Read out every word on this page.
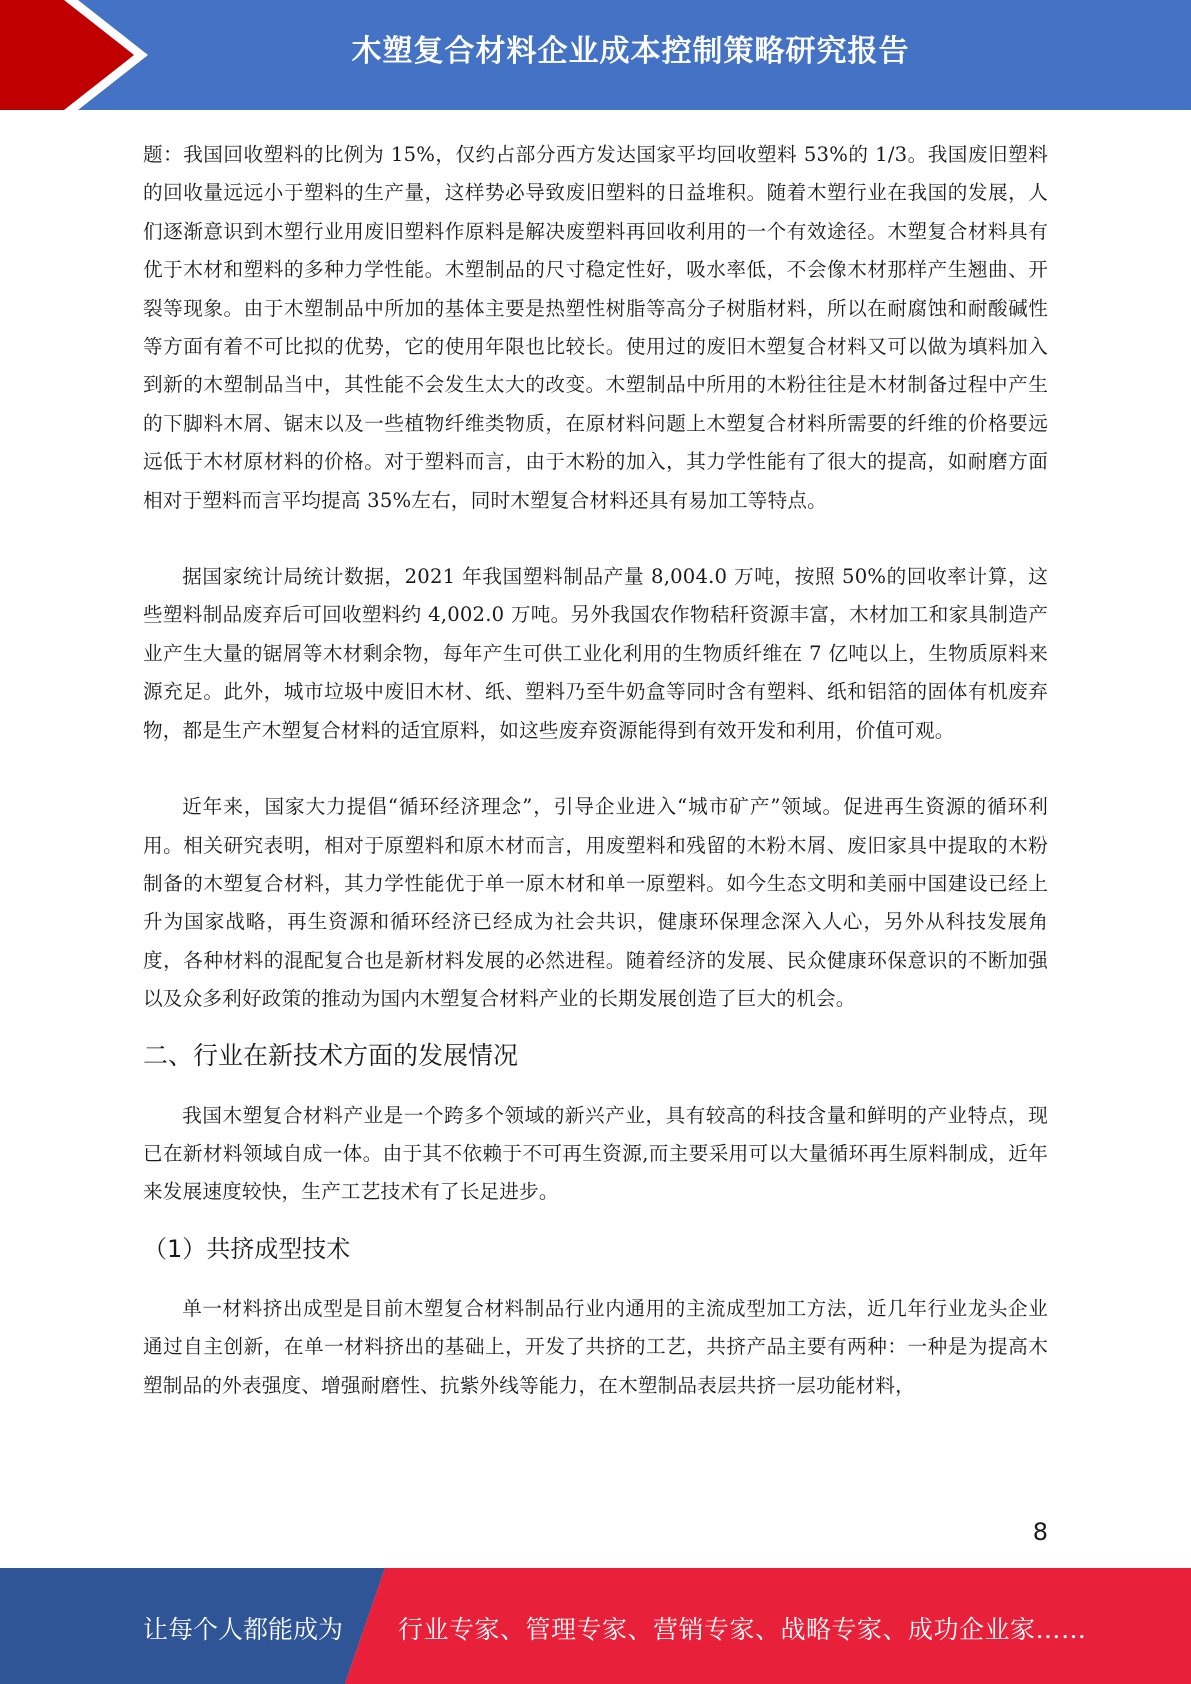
木塑复合材料企业成本控制策略研究报告

题：我国回收塑料的比例为 15%，仅约占部分西方发达国家平均回收塑料 53%的 1/3。我国废旧塑料的回收量远远小于塑料的生产量，这样势必导致废旧塑料的日益堆积。随着木塑行业在我国的发展，人们逐渐意识到木塑行业用废旧塑料作原料是解决废塑料再回收利用的一个有效途径。木塑复合材料具有优于木材和塑料的多种力学性能。木塑制品的尺寸稳定性好，吸水率低，不会像木材那样产生翘曲、开裂等现象。由于木塑制品中所加的基体主要是热塑性树脂等高分子树脂材料，所以在耐腐蚀和耐酸碱性等方面有着不可比拟的优势，它的使用年限也比较长。使用过的废旧木塑复合材料又可以做为填料加入到新的木塑制品当中，其性能不会发生太大的改变。木塑制品中所用的木粉往往是木材制备过程中产生的下脚料木屑、锯末以及一些植物纤维类物质，在原材料问题上木塑复合材料所需要的纤维的价格要远远低于木材原材料的价格。对于塑料而言，由于木粉的加入，其力学性能有了很大的提高，如耐磨方面相对于塑料而言平均提高 35%左右，同时木塑复合材料还具有易加工等特点。

据国家统计局统计数据，2021 年我国塑料制品产量 8,004.0 万吨，按照 50%的回收率计算，这些塑料制品废弃后可回收塑料约 4,002.0 万吨。另外我国农作物秸秆资源丰富，木材加工和家具制造产业产生大量的锯屑等木材剩余物，每年产生可供工业化利用的生物质纤维在 7 亿吨以上，生物质原料来源充足。此外，城市垃圾中废旧木材、纸、塑料乃至牛奶盒等同时含有塑料、纸和铝箔的固体有机废弃物，都是生产木塑复合材料的适宜原料，如这些废弃资源能得到有效开发和利用，价值可观。

近年来，国家大力提倡“循环经济理念”，引导企业进入“城市矿产”领域。促进再生资源的循环利用。相关研究表明，相对于原塑料和原木材而言，用废塑料和残留的木粉木屑、废旧家具中提取的木粉制备的木塑复合材料，其力学性能优于单一原木材和单一原塑料。如今生态文明和美丽中国建设已经上升为国家战略，再生资源和循环经济已经成为社会共识，健康环保理念深入人心，另外从科技发展角度，各种材料的混配复合也是新材料发展的必然进程。随着经济的发展、民众健康环保意识的不断加强以及众多利好政策的推动为国内木塑复合材料产业的长期发展创造了巨大的机会。

二、行业在新技术方面的发展情况

我国木塑复合材料产业是一个跨多个领域的新兴产业，具有较高的科技含量和鲜明的产业特点，现已在新材料领域自成一体。由于其不依赖于不可再生资源,而主要采用可以大量循环再生原料制成，近年来发展速度较快，生产工艺技术有了长足进步。

（1）共挤成型技术

单一材料挤出成型是目前木塑复合材料制品行业内通用的主流成型加工方法，近几年行业龙头企业通过自主创新，在单一材料挤出的基础上，开发了共挤的工艺，共挤产品主要有两种：一种是为提高木塑制品的外表强度、增强耐磨性、抗紫外线等能力，在木塑制品表层共挤一层功能材料，

8
让每个人都能成为 行业专家、管理专家、营销专家、战略专家、成功企业家……
